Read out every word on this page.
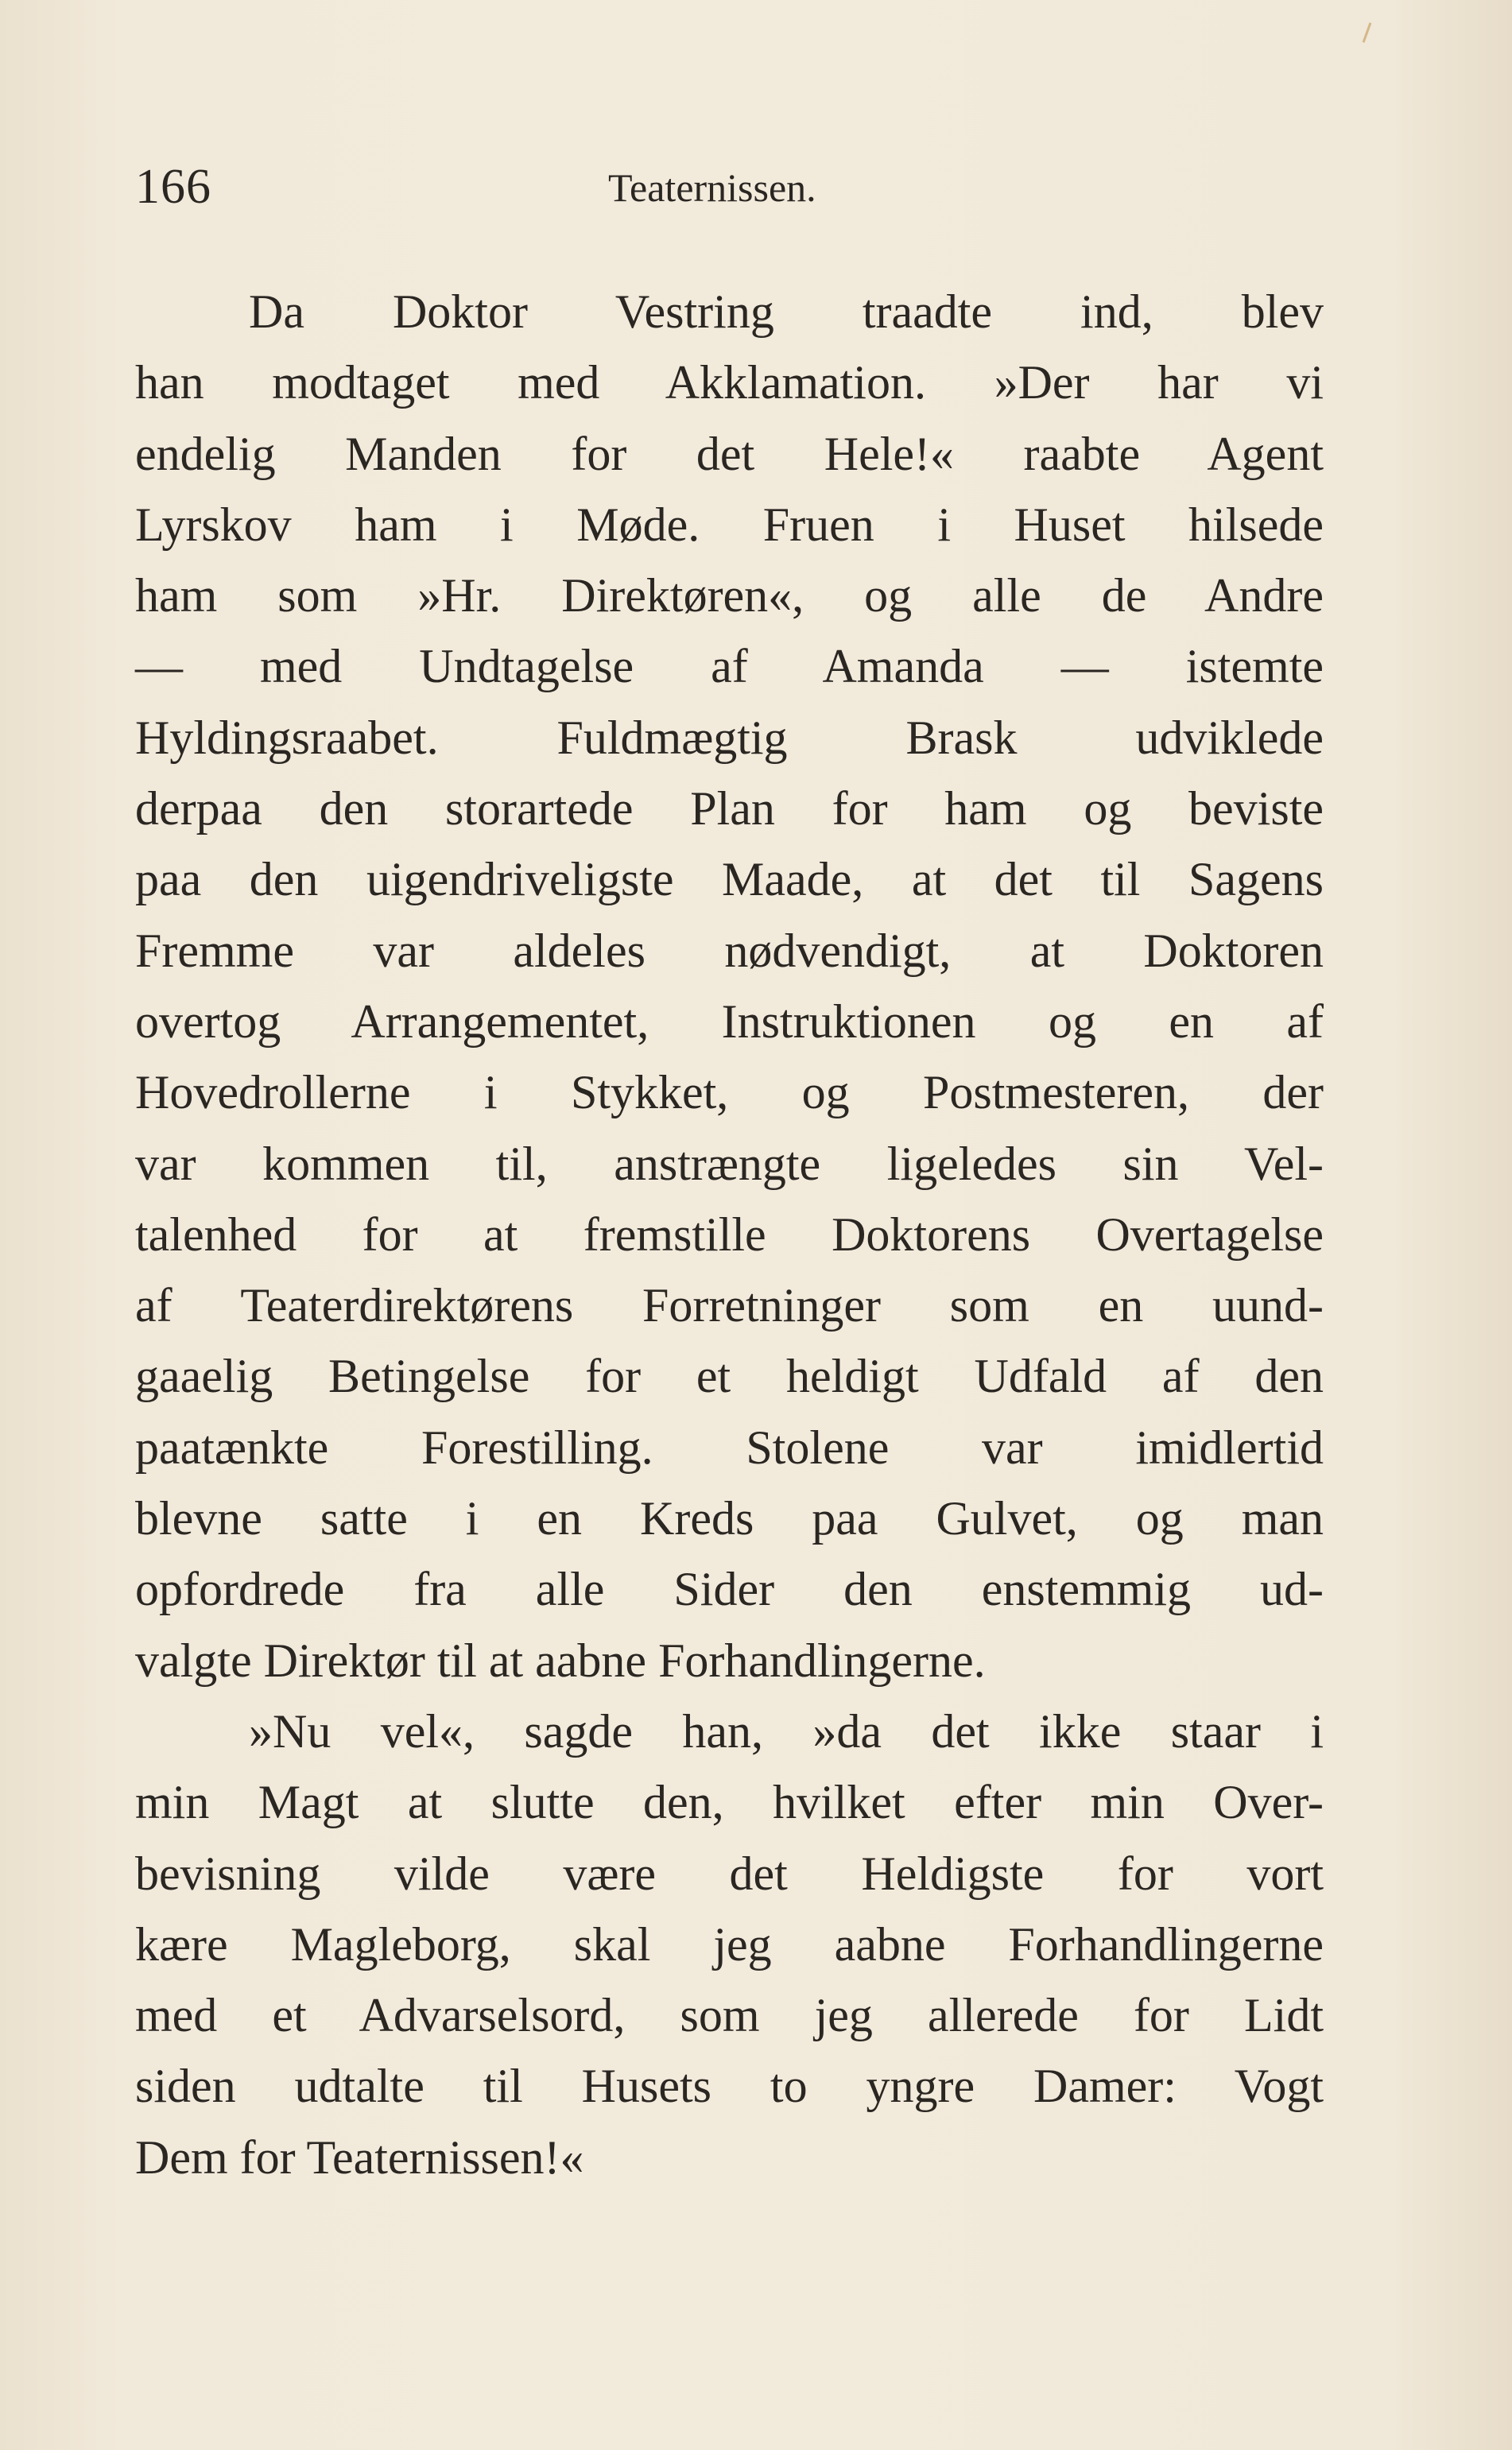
166	Teaternissen.
Da Doktor Vestring traadte ind, blev
han modtaget med Akklamation. »Der har vi
endelig Manden for det Hele!« raabte Agent
Lyrskov ham i Møde. Fruen i Huset hilsede
ham som »Hr. Direktøren«, og alle de Andre
— med Undtagelse af Amanda — istemte
Hyldingsraabet. Fuldmægtig Brask udviklede
derpaa den storartede Plan for ham og beviste
paa den uigendriveligste Maade, at det til Sagens
Fremme var aldeles nødvendigt, at Doktoren
overtog Arrangementet, Instruktionen og en af
Hovedrollerne i Stykket, og Postmesteren, der
var kommen til, anstrængte ligeledes sin Vel-
talenhed for at fremstille Doktorens Overtagelse
af Teaterdirektørens Forretninger som en uund-
gaaelig Betingelse for et heldigt Udfald af den
paatænkte Forestilling. Stolene var imidlertid
blevne satte i en Kreds paa Gulvet, og man
opfordrede fra alle Sider den enstemmig ud-
valgte Direktør til at aabne Forhandlingerne.
»Nu vel«, sagde han, »da det ikke staar i
min Magt at slutte den, hvilket efter min Over-
bevisning vilde være det Heldigste for vort
kære Magleborg, skal jeg aabne Forhandlingerne
med et Advarselsord, som jeg allerede for Lidt
siden udtalte til Husets to yngre Damer: Vogt
Dem for Teaternissen!«
